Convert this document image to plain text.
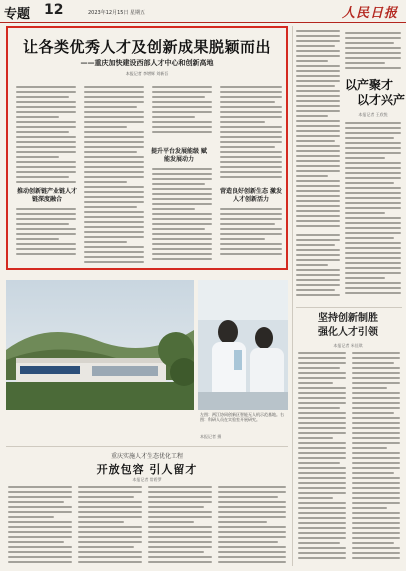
专题 12	2023年12月15日 星期五	人民日报
让各类优秀人才及创新成果脱颖而出
——重庆加快建设西部人才中心和创新高地
本报记者 李增辉 刘新吾
推动创新链产业链人才链深度融合
提升平台发展能级 赋能发展动力
营造良好创新生态 激发人才创新活力
以产聚才
以才兴产
本报记者 王欣悦
左图：两江协同创新区智能无人机示范基地。右图：科研人员在实验室开展研究。
本报记者 摄
重庆实施人才生态优化工程
开放包容 引人留才
本报记者 常碧罗
坚持创新制胜
强化人才引领
本报记者 米佳琪
